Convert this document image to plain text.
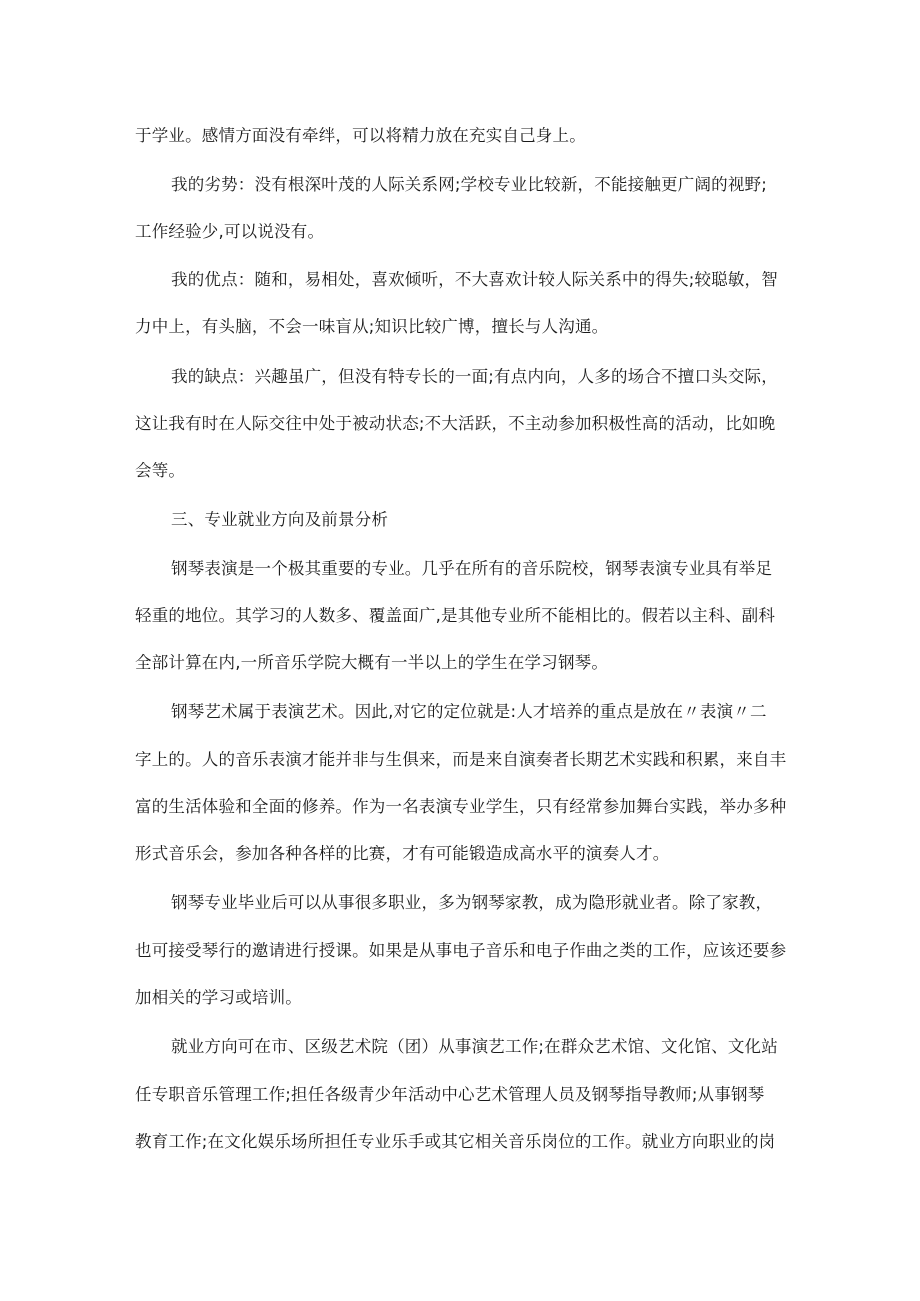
于学业。感情方面没有牵绊，可以将精力放在充实自己身上。
我的劣势：没有根深叶茂的人际关系网;学校专业比较新，不能接触更广阔的视野;
工作经验少,可以说没有。
我的优点：随和，易相处，喜欢倾听，不大喜欢计较人际关系中的得失;较聪敏，智
力中上，有头脑，不会一味盲从;知识比较广博，擅长与人沟通。
我的缺点：兴趣虽广，但没有特专长的一面;有点内向，人多的场合不擅口头交际，
这让我有时在人际交往中处于被动状态;不大活跃，不主动参加积极性高的活动，比如晚
会等。
三、专业就业方向及前景分析
钢琴表演是一个极其重要的专业。几乎在所有的音乐院校，钢琴表演专业具有举足
轻重的地位。其学习的人数多、覆盖面广,是其他专业所不能相比的。假若以主科、副科
全部计算在内,一所音乐学院大概有一半以上的学生在学习钢琴。
钢琴艺术属于表演艺术。因此,对它的定位就是:人才培养的重点是放在〃表演〃二
字上的。人的音乐表演才能并非与生俱来，而是来自演奏者长期艺术实践和积累，来自丰
富的生活体验和全面的修养。作为一名表演专业学生，只有经常参加舞台实践，举办多种
形式音乐会，参加各种各样的比赛，才有可能锻造成高水平的演奏人才。
钢琴专业毕业后可以从事很多职业，多为钢琴家教，成为隐形就业者。除了家教，
也可接受琴行的邀请进行授课。如果是从事电子音乐和电子作曲之类的工作，应该还要参
加相关的学习或培训。
就业方向可在市、区级艺术院（团）从事演艺工作;在群众艺术馆、文化馆、文化站
任专职音乐管理工作;担任各级青少年活动中心艺术管理人员及钢琴指导教师;从事钢琴
教育工作;在文化娱乐场所担任专业乐手或其它相关音乐岗位的工作。就业方向职业的岗
